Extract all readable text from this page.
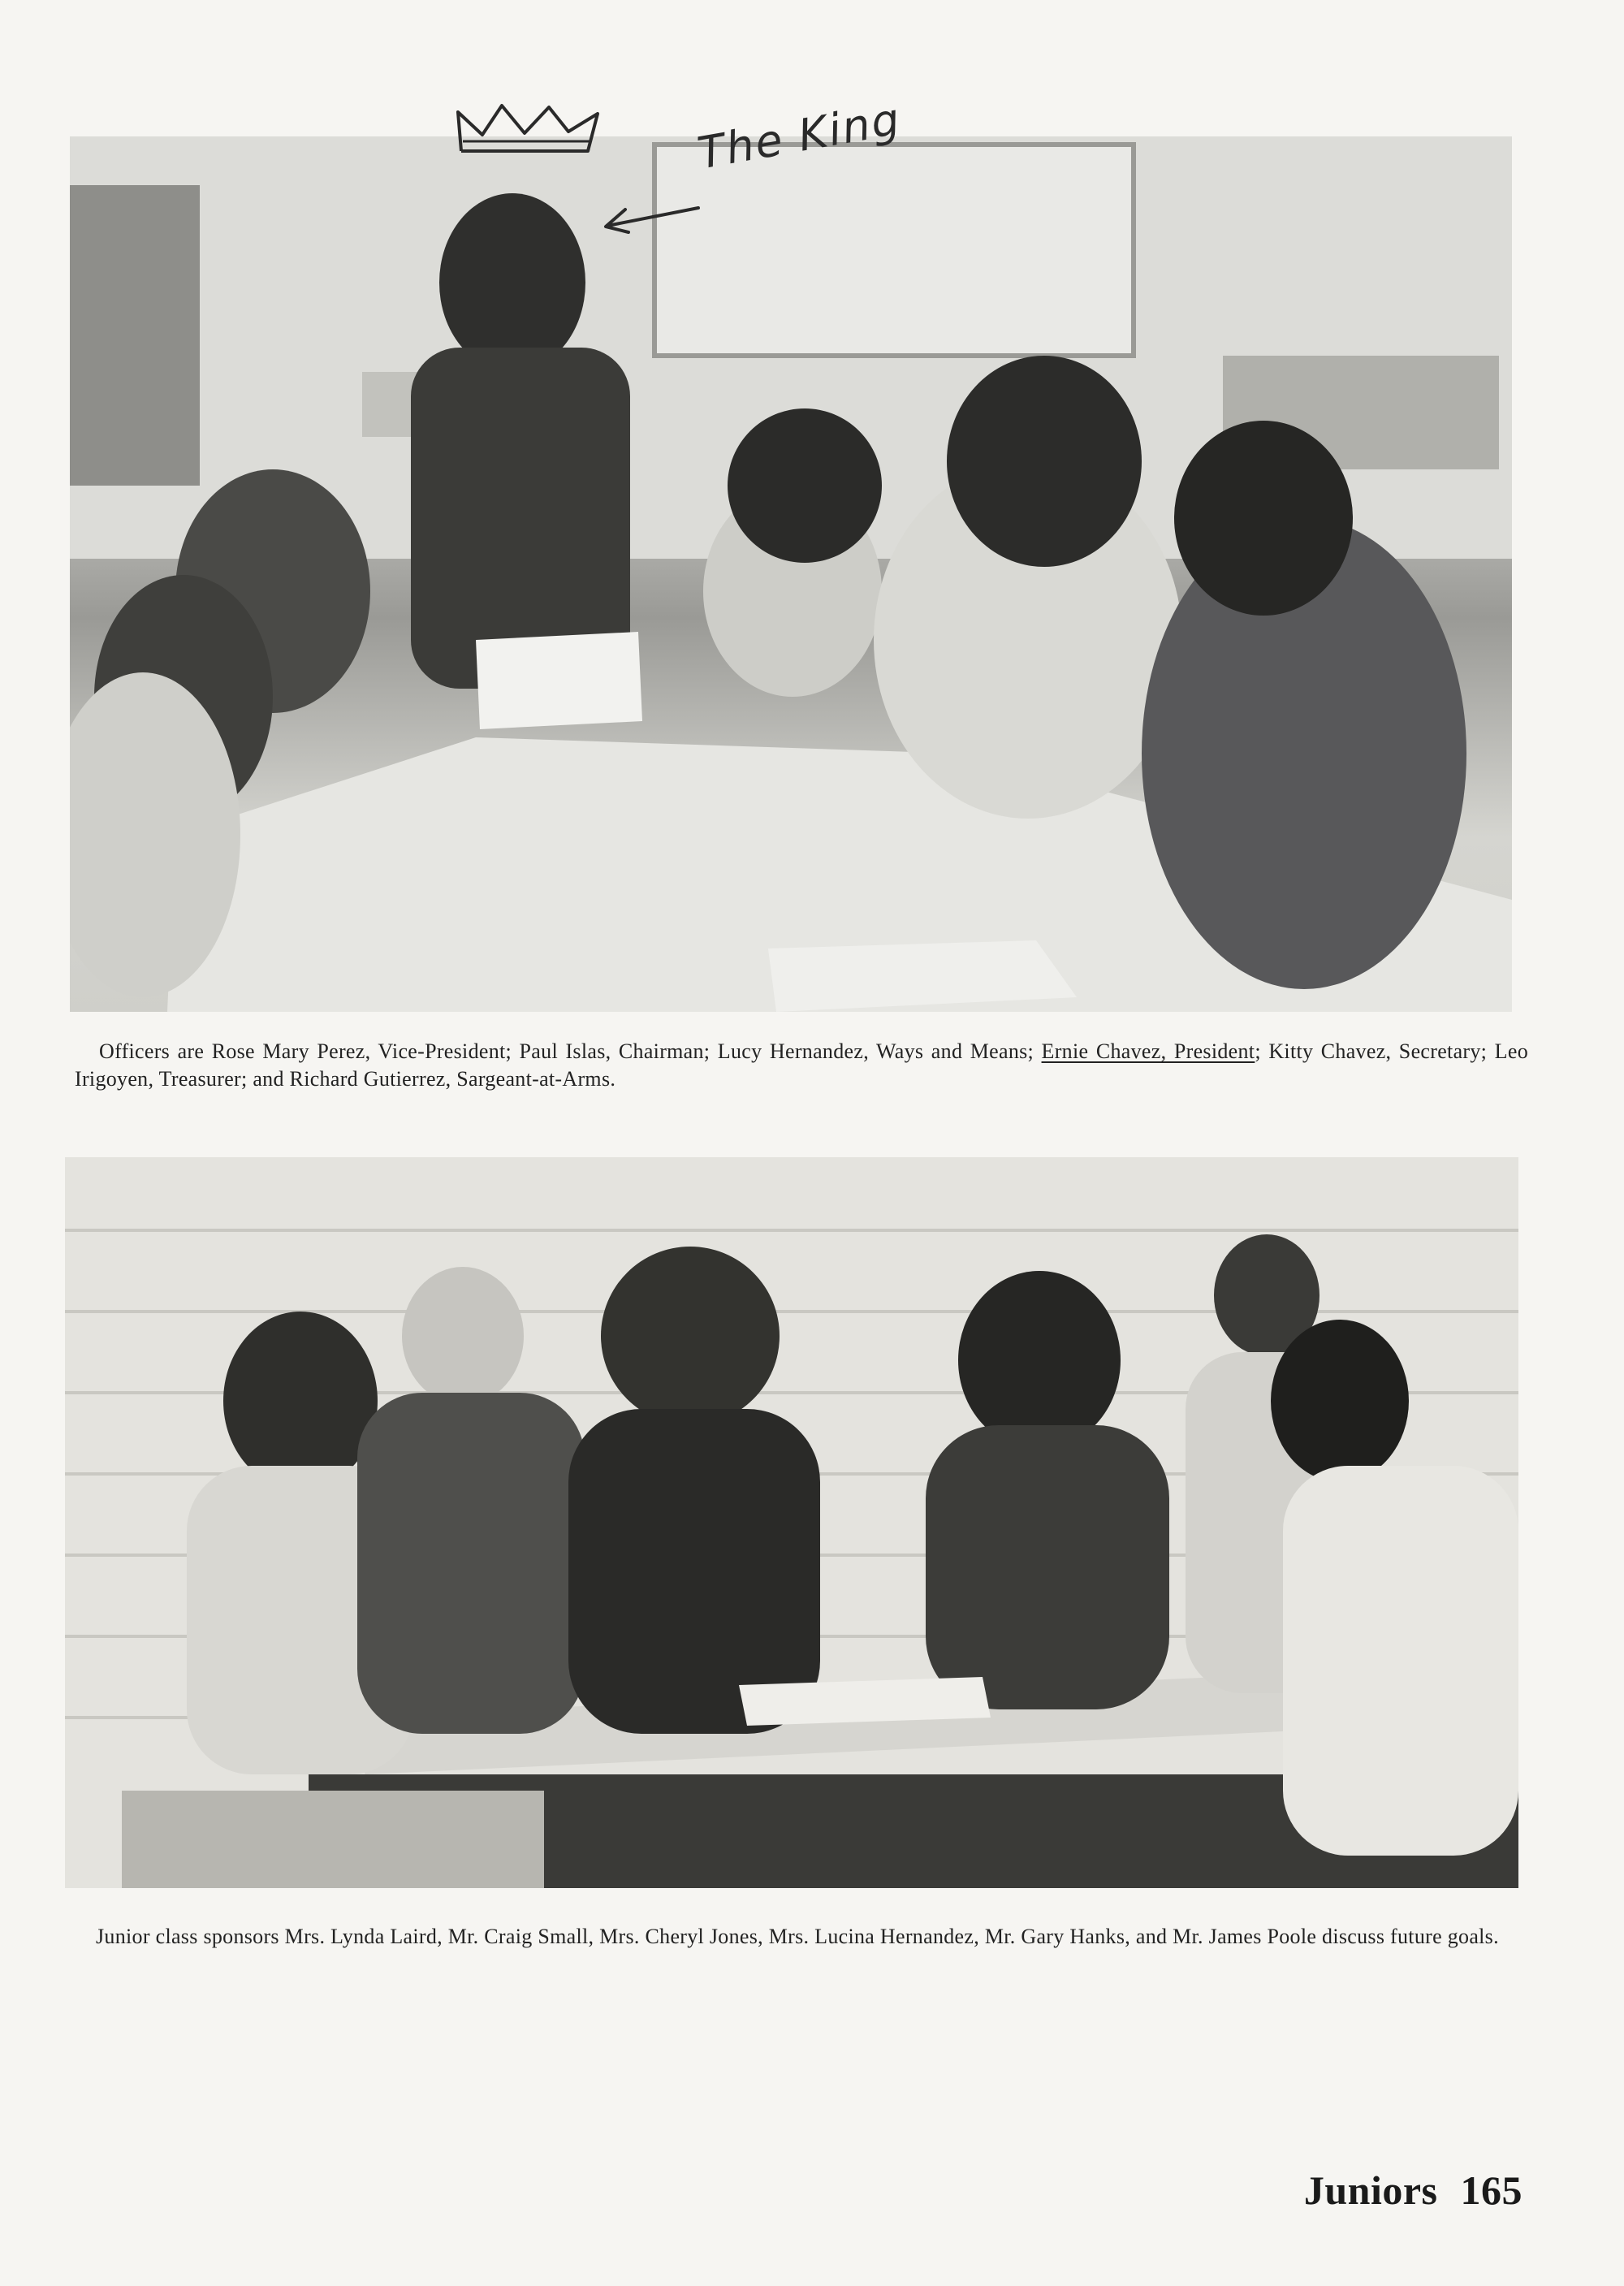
The King

Officers are Rose Mary Perez, Vice-President; Paul Islas, Chairman; Lucy Hernandez, Ways and Means; Ernie Chavez, President; Kitty Chavez, Secretary; Leo Irigoyen, Treasurer; and Richard Gutierrez, Sargeant-at-Arms.

Junior class sponsors Mrs. Lynda Laird, Mr. Craig Small, Mrs. Cheryl Jones, Mrs. Lucina Hernandez, Mr. Gary Hanks, and Mr. James Poole discuss future goals.

Juniors 165
